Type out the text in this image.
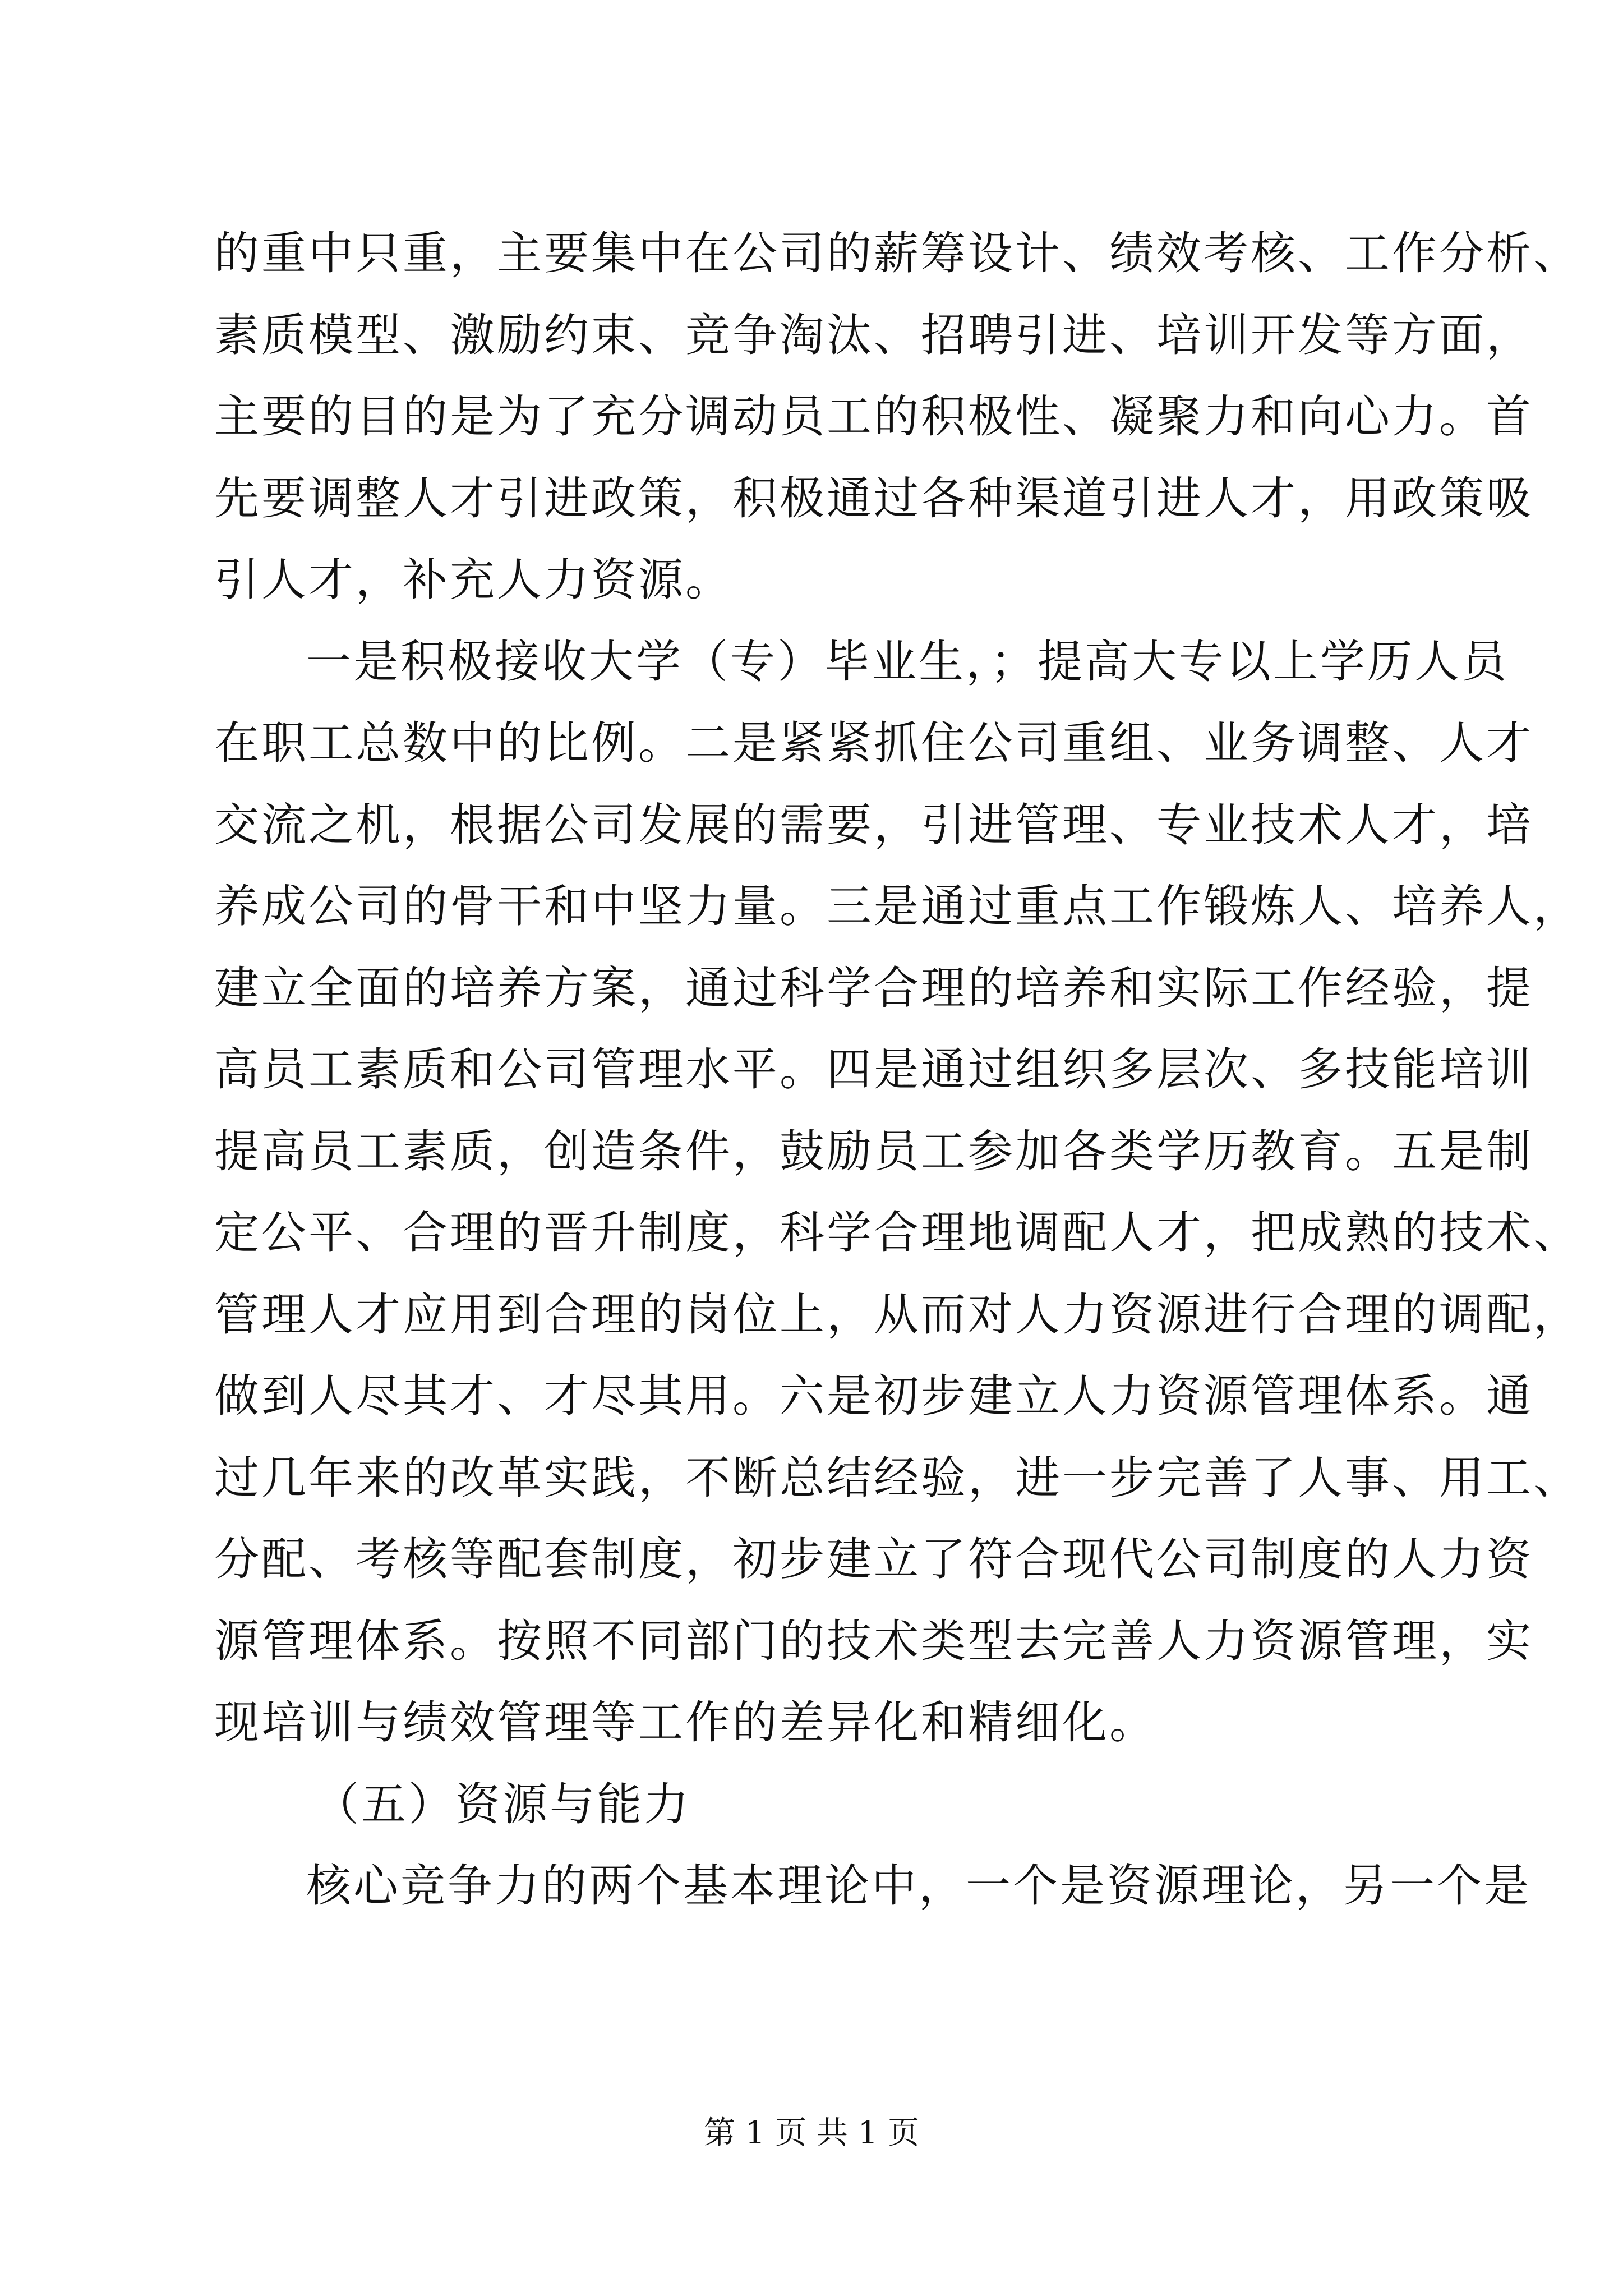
的重中只重，主要集中在公司的薪筹设计、绩效考核、工作分析、
素质模型、激励约束、竞争淘汰、招聘引进、培训开发等方面，
主要的目的是为了充分调动员工的积极性、凝聚力和向心力。首
先要调整人才引进政策，积极通过各种渠道引进人才，用政策吸
引人才，补充人力资源。
一是积极接收大学（专）毕业生，；提高大专以上学历人员
在职工总数中的比例。二是紧紧抓住公司重组、业务调整、人才
交流之机，根据公司发展的需要，引进管理、专业技术人才，培
养成公司的骨干和中坚力量。三是通过重点工作锻炼人、培养人，
建立全面的培养方案，通过科学合理的培养和实际工作经验，提
高员工素质和公司管理水平。四是通过组织多层次、多技能培训
提高员工素质，创造条件，鼓励员工参加各类学历教育。五是制
定公平、合理的晋升制度，科学合理地调配人才，把成熟的技术、
管理人才应用到合理的岗位上，从而对人力资源进行合理的调配，
做到人尽其才、才尽其用。六是初步建立人力资源管理体系。通
过几年来的改革实践，不断总结经验，进一步完善了人事、用工、
分配、考核等配套制度，初步建立了符合现代公司制度的人力资
源管理体系。按照不同部门的技术类型去完善人力资源管理，实
现培训与绩效管理等工作的差异化和精细化。
第 1 页 共 1 页
（五）资源与能力
核心竞争力的两个基本理论中，一个是资源理论，另一个是
